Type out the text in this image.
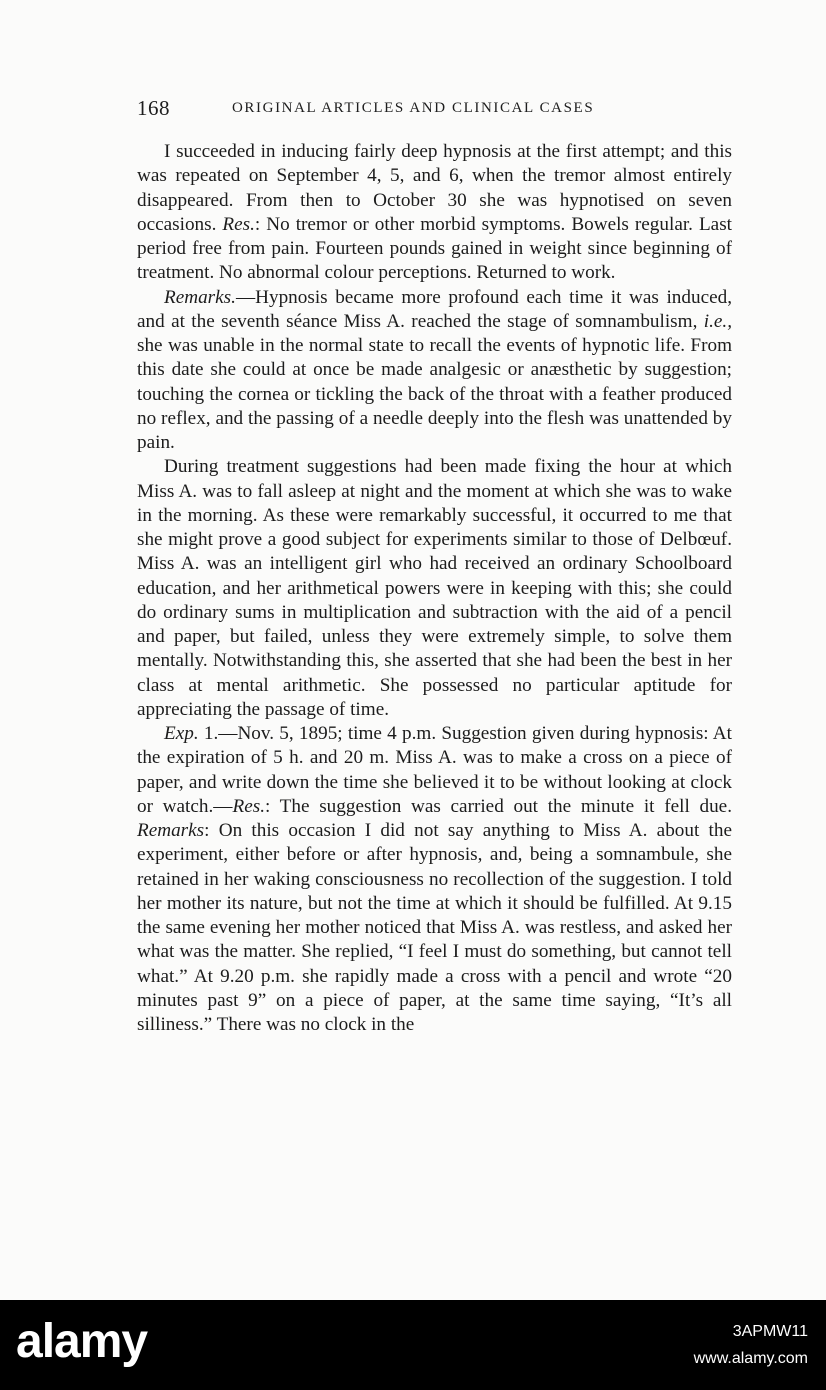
168	ORIGINAL ARTICLES AND CLINICAL CASES

I succeeded in inducing fairly deep hypnosis at the first attempt; and this was repeated on September 4, 5, and 6, when the tremor almost entirely disappeared. From then to October 30 she was hypnotised on seven occasions. Res.: No tremor or other morbid symptoms. Bowels regular. Last period free from pain. Fourteen pounds gained in weight since beginning of treatment. No abnormal colour perceptions. Returned to work.

Remarks.—Hypnosis became more profound each time it was induced, and at the seventh séance Miss A. reached the stage of somnambulism, i.e., she was unable in the normal state to recall the events of hypnotic life. From this date she could at once be made analgesic or anæsthetic by suggestion; touching the cornea or tickling the back of the throat with a feather produced no reflex, and the passing of a needle deeply into the flesh was unattended by pain.

During treatment suggestions had been made fixing the hour at which Miss A. was to fall asleep at night and the moment at which she was to wake in the morning. As these were remarkably successful, it occurred to me that she might prove a good subject for experiments similar to those of Delbœuf. Miss A. was an intelligent girl who had received an ordinary Schoolboard education, and her arithmetical powers were in keeping with this; she could do ordinary sums in multiplication and subtraction with the aid of a pencil and paper, but failed, unless they were extremely simple, to solve them mentally. Notwithstanding this, she asserted that she had been the best in her class at mental arithmetic. She possessed no particular aptitude for appreciating the passage of time.

Exp. 1.—Nov. 5, 1895; time 4 p.m. Suggestion given during hypnosis: At the expiration of 5 h. and 20 m. Miss A. was to make a cross on a piece of paper, and write down the time she believed it to be without looking at clock or watch.—Res.: The suggestion was carried out the minute it fell due. Remarks: On this occasion I did not say anything to Miss A. about the experiment, either before or after hypnosis, and, being a somnambule, she retained in her waking consciousness no recollection of the suggestion. I told her mother its nature, but not the time at which it should be fulfilled. At 9.15 the same evening her mother noticed that Miss A. was restless, and asked her what was the matter. She replied, “I feel I must do something, but cannot tell what.” At 9.20 p.m. she rapidly made a cross with a pencil and wrote “20 minutes past 9” on a piece of paper, at the same time saying, “It’s all silliness.” There was no clock in the

alamy	3APMW11
www.alamy.com
